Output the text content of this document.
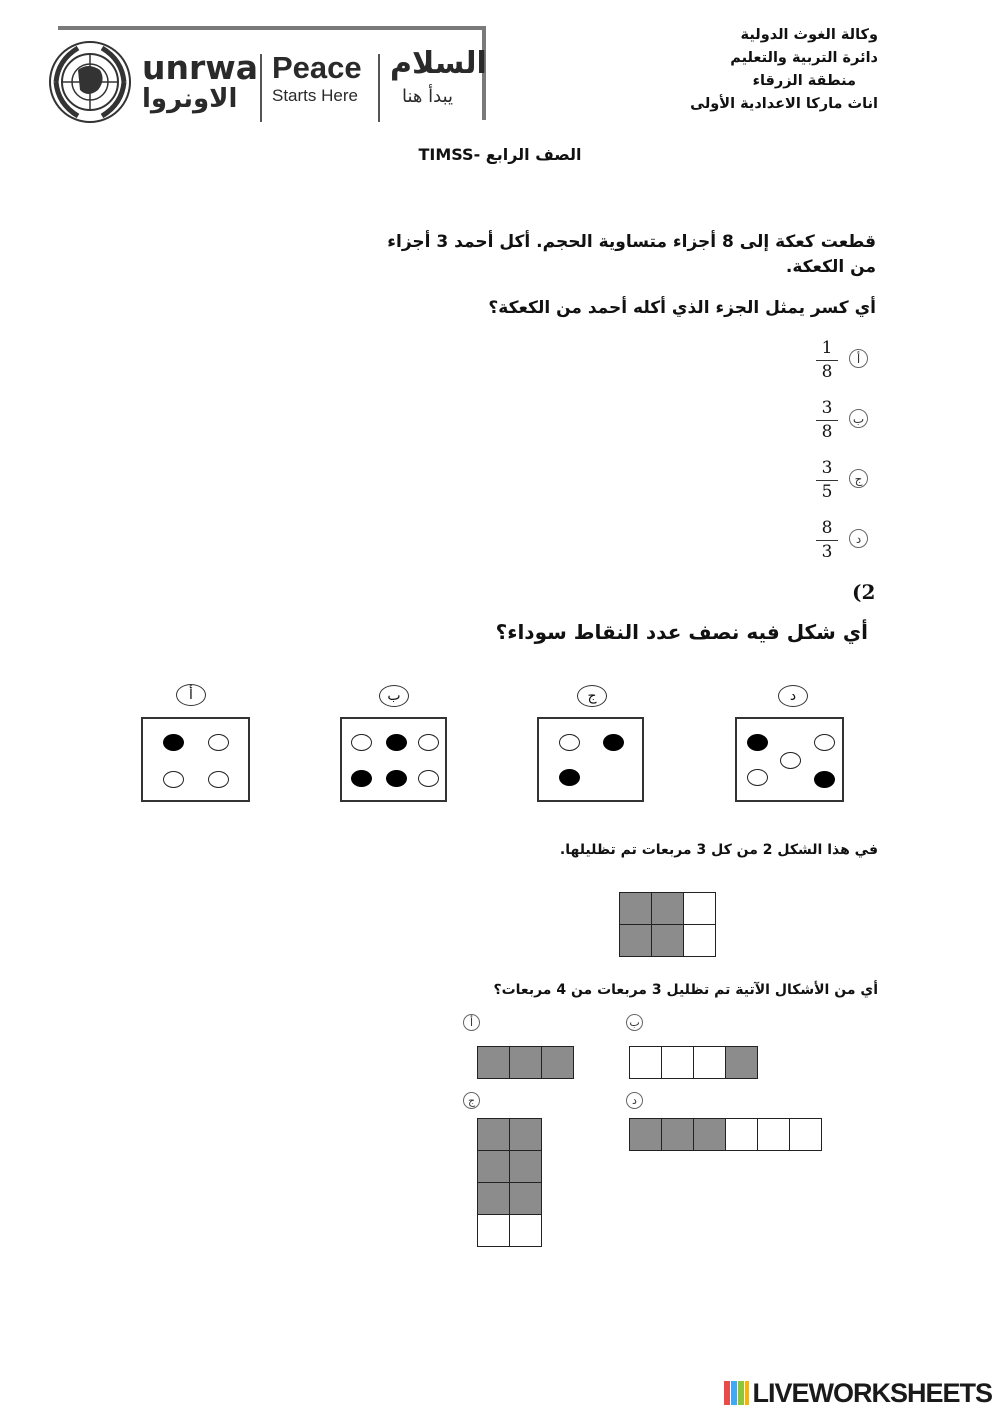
unrwa
الاونروا
Peace
Starts Here
السلام
يبدأ هنا
وكالة الغوث الدولية
دائرة التربية والتعليم
منطقة الزرقاء
اناث ماركا الاعدادية الأولى
الصف الرابع -TIMSS
قطعت كعكة إلى 8 أجزاء متساوية الحجم. أكل أحمد 3 أجزاء من الكعكة.
أي كسر يمثل الجزء الذي أكله أحمد من الكعكة؟
أ
1
8
ب
3
8
ج
3
5
د
8
3
(2
أي شكل فيه نصف عدد النقاط سوداء؟
أ	ب	ج	د
في هذا الشكل 2 من كل 3 مربعات تم تظليلها.
أي من الأشكال الآتية تم تظليل 3 مربعات من 4 مربعات؟
أ	ب
ج	د
LIVEWORKSHEETS
